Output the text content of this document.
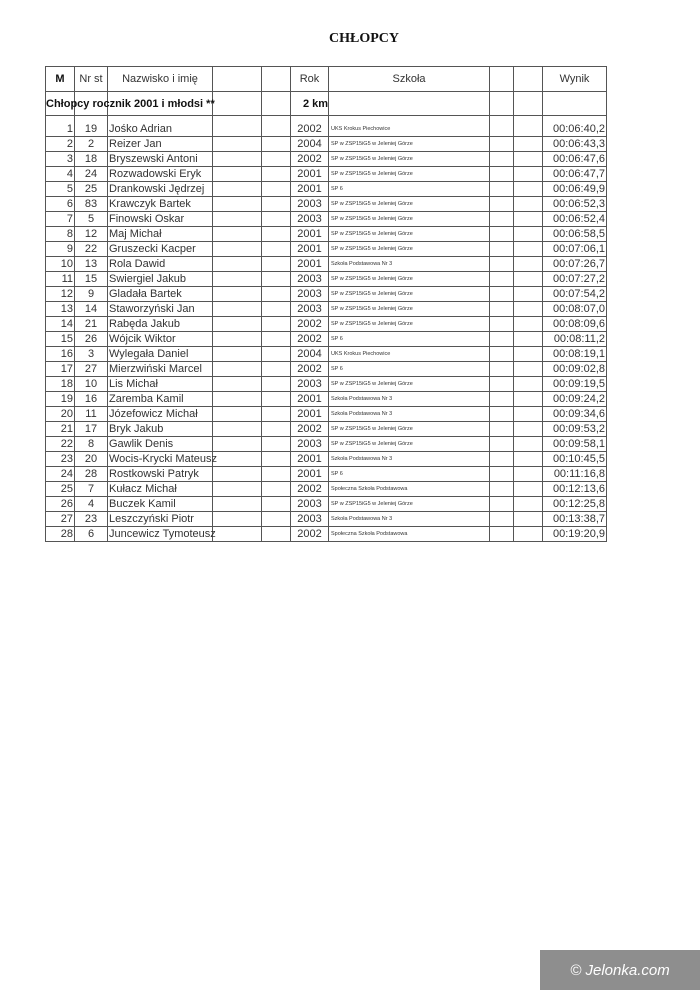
CHŁOPCY
M	Nr st	Nazwisko i imię	Rok	Szkoła	Wynik
Chłopcy rocznik 2001 i młodsi **	2 km
1	19	Jośko Adrian	2002	UKS Krokus Piechowice	00:06:40,2
2	2	Reizer Jan	2004	SP w ZSP15iG5 w Jeleniej Górze	00:06:43,3
3	18	Bryszewski Antoni	2002	SP w ZSP15iG5 w Jeleniej Górze	00:06:47,6
4	24	Rozwadowski Eryk	2001	SP w ZSP15iG5 w Jeleniej Górze	00:06:47,7
5	25	Drankowski Jędrzej	2001	SP 6	00:06:49,9
6	83	Krawczyk Bartek	2003	SP w ZSP15iG5 w Jeleniej Górze	00:06:52,3
7	5	Finowski Oskar	2003	SP w ZSP15iG5 w Jeleniej Górze	00:06:52,4
8	12	Maj Michał	2001	SP w ZSP15iG5 w Jeleniej Górze	00:06:58,5
9	22	Gruszecki Kacper	2001	SP w ZSP15iG5 w Jeleniej Górze	00:07:06,1
10	13	Rola Dawid	2001	Szkoła Podstawowa Nr 3	00:07:26,7
11	15	Swiergiel Jakub	2003	SP w ZSP15iG5 w Jeleniej Górze	00:07:27,2
12	9	Gladała Bartek	2003	SP w ZSP15iG5 w Jeleniej Górze	00:07:54,2
13	14	Staworzyński Jan	2003	SP w ZSP15iG5 w Jeleniej Górze	00:08:07,0
14	21	Rabęda Jakub	2002	SP w ZSP15iG5 w Jeleniej Górze	00:08:09,6
15	26	Wójcik Wiktor	2002	SP 6	00:08:11,2
16	3	Wylegała Daniel	2004	UKS Krokus Piechowice	00:08:19,1
17	27	Mierzwiński Marcel	2002	SP 6	00:09:02,8
18	10	Lis Michał	2003	SP w ZSP15iG5 w Jeleniej Górze	00:09:19,5
19	16	Zaremba Kamil	2001	Szkoła Podstawowa Nr 3	00:09:24,2
20	11	Józefowicz Michał	2001	Szkoła Podstawowa Nr 3	00:09:34,6
21	17	Bryk Jakub	2002	SP w ZSP15iG5 w Jeleniej Górze	00:09:53,2
22	8	Gawlik Denis	2003	SP w ZSP15iG5 w Jeleniej Górze	00:09:58,1
23	20	Wocis-Krycki Mateusz	2001	Szkoła Podstawowa Nr 3	00:10:45,5
24	28	Rostkowski Patryk	2001	SP 6	00:11:16,8
25	7	Kułacz Michał	2002	Społeczna Szkoła Podstawowa	00:12:13,6
26	4	Buczek Kamil	2003	SP w ZSP15iG5 w Jeleniej Górze	00:12:25,8
27	23	Leszczyński Piotr	2003	Szkoła Podstawowa Nr 3	00:13:38,7
28	6	Juncewicz Tymoteusz	2002	Społeczna Szkoła Podstawowa	00:19:20,9
© Jelonka.com
